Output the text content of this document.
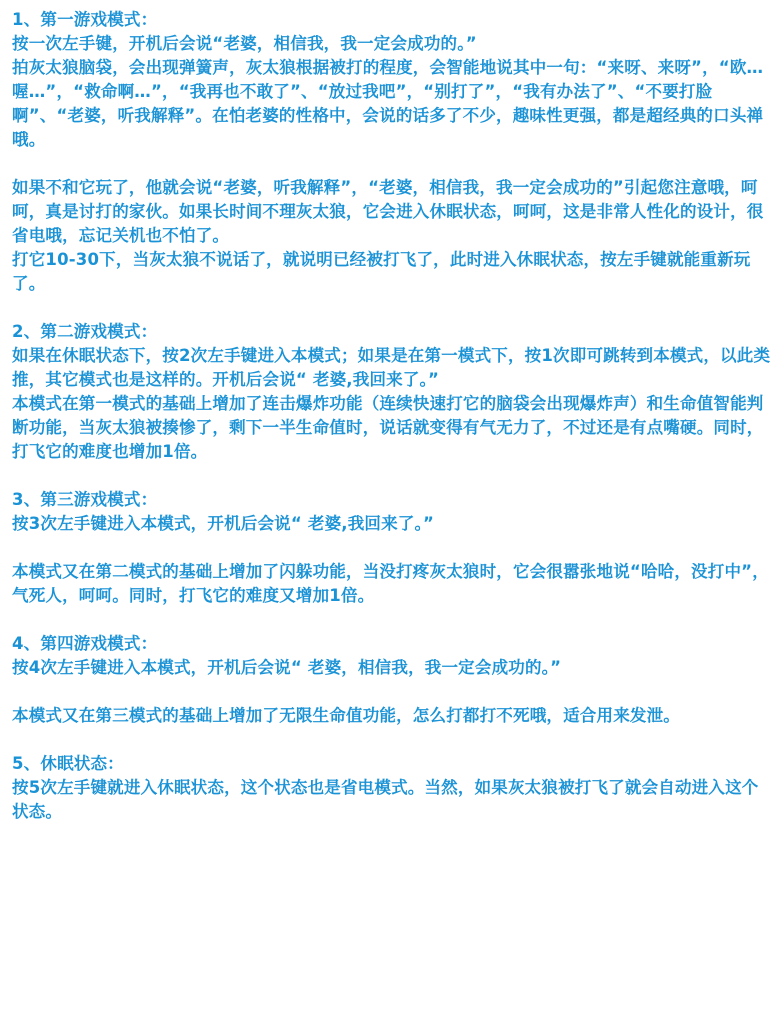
1、第一游戏模式：
按一次左手键，开机后会说“老婆，相信我，我一定会成功的。”
拍灰太狼脑袋，会出现弹簧声，灰太狼根据被打的程度，会智能地说其中一句：“来呀、来呀”，“欧…喔…”，“救命啊…”，“我再也不敢了”、“放过我吧”，“别打了”，“我有办法了”、“不要打脸啊”、“老婆，听我解释”。在怕老婆的性格中，会说的话多了不少，趣味性更强，都是超经典的口头禅哦。
如果不和它玩了，他就会说“老婆，听我解释”，“老婆，相信我，我一定会成功的”引起您注意哦，呵呵，真是讨打的家伙。如果长时间不理灰太狼，它会进入休眠状态，呵呵，这是非常人性化的设计，很省电哦，忘记关机也不怕了。
打它10-30下，当灰太狼不说话了，就说明已经被打飞了，此时进入休眠状态，按左手键就能重新玩了。
2、第二游戏模式：
如果在休眠状态下，按2次左手键进入本模式；如果是在第一模式下，按1次即可跳转到本模式，以此类推，其它模式也是这样的。开机后会说“ 老婆,我回来了。”
本模式在第一模式的基础上增加了连击爆炸功能（连续快速打它的脑袋会出现爆炸声）和生命值智能判断功能，当灰太狼被揍惨了，剩下一半生命值时，说话就变得有气无力了，不过还是有点嘴硬。同时，打飞它的难度也增加1倍。
3、第三游戏模式：
按3次左手键进入本模式，开机后会说“ 老婆,我回来了。”
本模式又在第二模式的基础上增加了闪躲功能，当没打疼灰太狼时，它会很嚣张地说“哈哈，没打中”，气死人，呵呵。同时，打飞它的难度又增加1倍。
4、第四游戏模式：
按4次左手键进入本模式，开机后会说“ 老婆，相信我，我一定会成功的。”
本模式又在第三模式的基础上增加了无限生命值功能，怎么打都打不死哦，适合用来发泄。
5、休眠状态：
按5次左手键就进入休眠状态，这个状态也是省电模式。当然，如果灰太狼被打飞了就会自动进入这个状态。
